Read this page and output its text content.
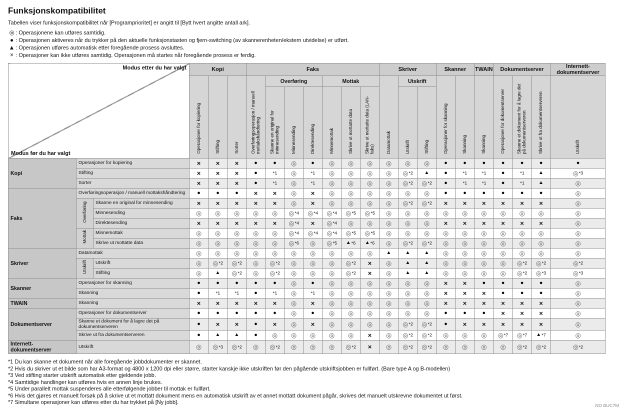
Funksjonskompatibilitet

Tabellen viser funksjonskompatibilitet når [Programprioritet] er angitt til [Bytt hvert angitte antall ark].

◎ : Operasjonene kan utføres samtidig.
● : Operasjonen aktiveres når du trykker på den aktuelle funksjonstasten og fjern-switching (av skannerenheten/ekstern utvidelse) er utført.
▲ : Operasjonen utføres automatisk etter foregående prosess avsluttes.
× : Operasjoner kan ikke utføres samtidig. Operasjonen må startes når foregående prosess er ferdig.
Modus etter du har valgt
Modus før du har valgt			Kopi			Faks							Skriver			Skanner		TWAIN	Dokumentserver			Internett-dokumentserver
			Operasjoner for kopiering	Stifting	Sorter	Overføringsoperasjon / manuell mottakshåndtering	Overføring			Mottak			Datamottak	Utskrift		Operasjoner for skanning	Skanning	Skanning	Operasjoner for dokumentserver	Skanne et dokument for å lagre det på dokumentserveren	Skrive ut fra dokumentserveren	Utskrift
							Skanne en original for minnesending	Minnesending	Direktesending	Minnemottak	Skrive ut mottatte data	Skrive ut mottatte data (LAN-faks)		Utskrift	Stifting							
Kopi	Operasjoner for kopiering		×	×	×	●	●	◎	●	◎	◎	◎	◎	◎	◎	●	●	●	●	●	●	●
	Stifting		×	×	×	●	*1	◎	*1	◎	◎	◎	◎	◎*2	▲	●	*1	*1	●	*1	▲	◎*3
	Sorter		×	×	×	●	*1	◎	*1	◎	◎	◎	◎	◎*2	◎*2	●	*1	*1	●	*1	▲	◎
Faks	Overføringsoperasjon / manuell mottakshåndtering		●	●	●	×	×	◎	×	◎	◎	◎	◎	◎	◎	●	●	●	●	●	●	◎
	Overføring	Skanne en original for minnesending	×	×	×	×	×	◎	×	◎	◎	◎	◎	◎*2	◎*2	×	×	×	×	×	×	◎
		Minnesending	◎	◎	◎	◎	◎	◎*4	◎*4	◎*4	◎*5	◎*5	◎	◎	◎	◎	◎	◎	◎	◎	◎	◎
		Direktesending	×	×	×	×	×	◎*4	×	◎*4	◎	◎	◎	◎	◎	×	×	×	×	×	×	◎
	Mottak	Minnemottak	◎	◎	◎	◎	◎	◎*4	◎*4	◎*4	◎*5	◎*5	◎	◎	◎	◎	◎	◎	◎	◎	◎	◎
		Skrive ut mottatte data	◎	◎	◎	◎	◎	◎*6	◎	◎*5	▲*6	▲*6	◎	◎*2	◎*2	◎	◎	◎	◎	◎	◎	◎
Skriver	Datamottak		◎	◎	◎	◎	◎	◎	◎	◎	◎	◎	▲	▲	▲	◎	◎	◎	◎	◎	◎	◎
	Utskrift	Utskrift	◎	◎*2	◎*2	◎	◎*2	◎	◎	◎	◎*2	×	◎	▲	▲	◎	◎	◎	◎	◎*2	◎*2	◎*2
		Stifting	◎	▲	◎*2	◎	◎*2	◎	◎	◎	◎*2	×	◎	▲	▲	◎	◎	◎	◎	◎*2	◎*3	◎*3
Skanner	Operasjoner for skanning		●	●	●	●	●	◎	●	◎	◎	◎	◎	◎	◎	×	×	●	●	●	●	◎
	Skanning		●	*1	*1	●	*1	◎	*1	◎	◎	◎	◎	◎	◎	×	×	×	●	●	●	◎
TWAIN	Skanning		×	×	×	×	×	◎	×	◎	◎	◎	◎	◎	◎	×	×	×	×	×	×	◎
Dokumentserver	Operasjoner for dokumentserver		●	●	●	●	●	◎	●	◎	◎	◎	◎	◎	◎	●	●	●	×	×	×	◎
	Skanne et dokument for å lagre det på dokumentserveren		●	×	×	●	×	◎	×	◎	◎	◎	◎	◎*2	◎*2	●	×	×	×	×	×	◎
	Skrive ut fra dokumentserveren		●	▲	▲	●	◎	◎	◎	◎	◎	×	◎	◎*2	◎*2	◎	◎	◎	◎*7	◎*7	▲*7	◎
Internett-dokumentserver	Utskrift		◎	◎*3	◎*2	◎	◎*2	◎	◎	◎	◎*2	×	◎	◎*2	◎*2	◎	◎	◎	◎	◎*2	◎*2	◎*2
*1 Du kan skanne et dokument når alle foregående jobbdokumenter er skannet.
*2 Hvis du skriver ut et bilde som har A3-format og 4800 x 1200 dpi eller større, starter kanskje ikke utskriften før den pågående utskriftsjobben er fullført. (Bare type A og B-modellen)
*3 Ved stifting starter utskrift automatisk etter gjeldende jobb.
*4 Samtidige handlinger kan utføres hvis en annen linje brukes.
*5 Under parallelt mottak suspenderes alle etterfølgende jobber til mottak er fullført.
*6 Hvis det gjøres et manuelt forsøk på å skrive ut et mottatt dokument mens en automatisk utskrift av et annet mottatt dokument pågår, skrives det manuelt utskrevne dokumentet ut først.
*7 Simultane operasjoner kan utføres etter du har trykket på [Ny jobb].	NO BUC7M
